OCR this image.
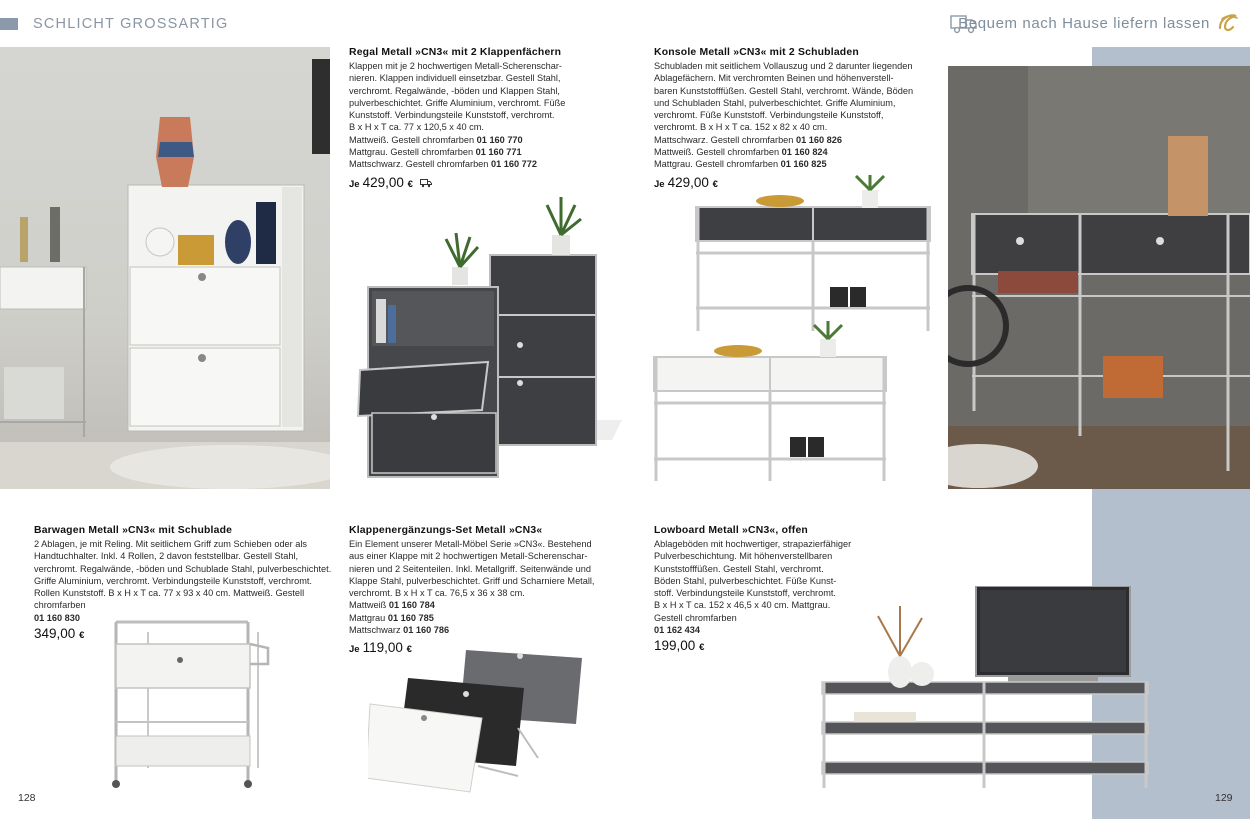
SCHLICHT GROSSARTIG	Bequem nach Hause liefern lassen
Regal Metall »CN3« mit 2 Klappenfächern

Klappen mit je 2 hochwertigen Metall-Scherenschar-
nieren. Klappen individuell einsetzbar. Gestell Stahl,
verchromt. Regalwände, -böden und Klappen Stahl,
pulverbeschichtet. Griffe Aluminium, verchromt. Füße
Kunststoff. Verbindungsteile Kunststoff, verchromt.
B x H x T ca. 77 x 120,5 x 40 cm.

Mattweiß. Gestell chromfarben 01 160 770
Mattgrau. Gestell chromfarben 01 160 771
Mattschwarz. Gestell chromfarben 01 160 772
Je 429,00 €
Konsole Metall »CN3« mit 2 Schubladen

Schubladen mit seitlichem Vollauszug und 2 darunter liegenden
Ablagefächern. Mit verchromten Beinen und höhenverstell-
baren Kunststofffüßen. Gestell Stahl, verchromt. Wände, Böden
und Schubladen Stahl, pulverbeschichtet. Griffe Aluminium,
verchromt. Füße Kunststoff. Verbindungsteile Kunststoff,
verchromt. B x H x T ca. 152 x 82 x 40 cm.

Mattschwarz. Gestell chromfarben 01 160 826
Mattweiß. Gestell chromfarben 01 160 824
Mattgrau. Gestell chromfarben 01 160 825
Je 429,00 €
Barwagen Metall »CN3« mit Schublade

2 Ablagen, je mit Reling. Mit seitlichem Griff zum Schieben oder als
Handtuchhalter. Inkl. 4 Rollen, 2 davon feststellbar. Gestell Stahl,
verchromt. Regalwände, -böden und Schublade Stahl, pulverbeschichtet.
Griffe Aluminium, verchromt. Verbindungsteile Kunststoff, verchromt.
Rollen Kunststoff. B x H x T ca. 77 x 93 x 40 cm. Mattweiß. Gestell
chromfarben

01 160 830
349,00 €
Klappenergänzungs-Set Metall »CN3«

Ein Element unserer Metall-Möbel Serie »CN3«. Bestehend
aus einer Klappe mit 2 hochwertigen Metall-Scherenschar-
nieren und 2 Seitenteilen. Inkl. Metallgriff. Seitenwände und
Klappe Stahl, pulverbeschichtet. Griff und Scharniere Metall,
verchromt. B x H x T ca. 76,5 x 36 x 38 cm.

Mattweiß 01 160 784
Mattgrau 01 160 785
Mattschwarz 01 160 786
Je 119,00 €
Lowboard Metall »CN3«, offen

Ablageböden mit hochwertiger, strapazierfähiger
Pulverbeschichtung. Mit höhenverstellbaren
Kunststofffüßen. Gestell Stahl, verchromt.
Böden Stahl, pulverbeschichtet. Füße Kunst-
stoff. Verbindungsteile Kunststoff, verchromt.
B x H x T ca. 152 x 46,5 x 40 cm. Mattgrau.
Gestell chromfarben

01 162 434
199,00 €
128	129
